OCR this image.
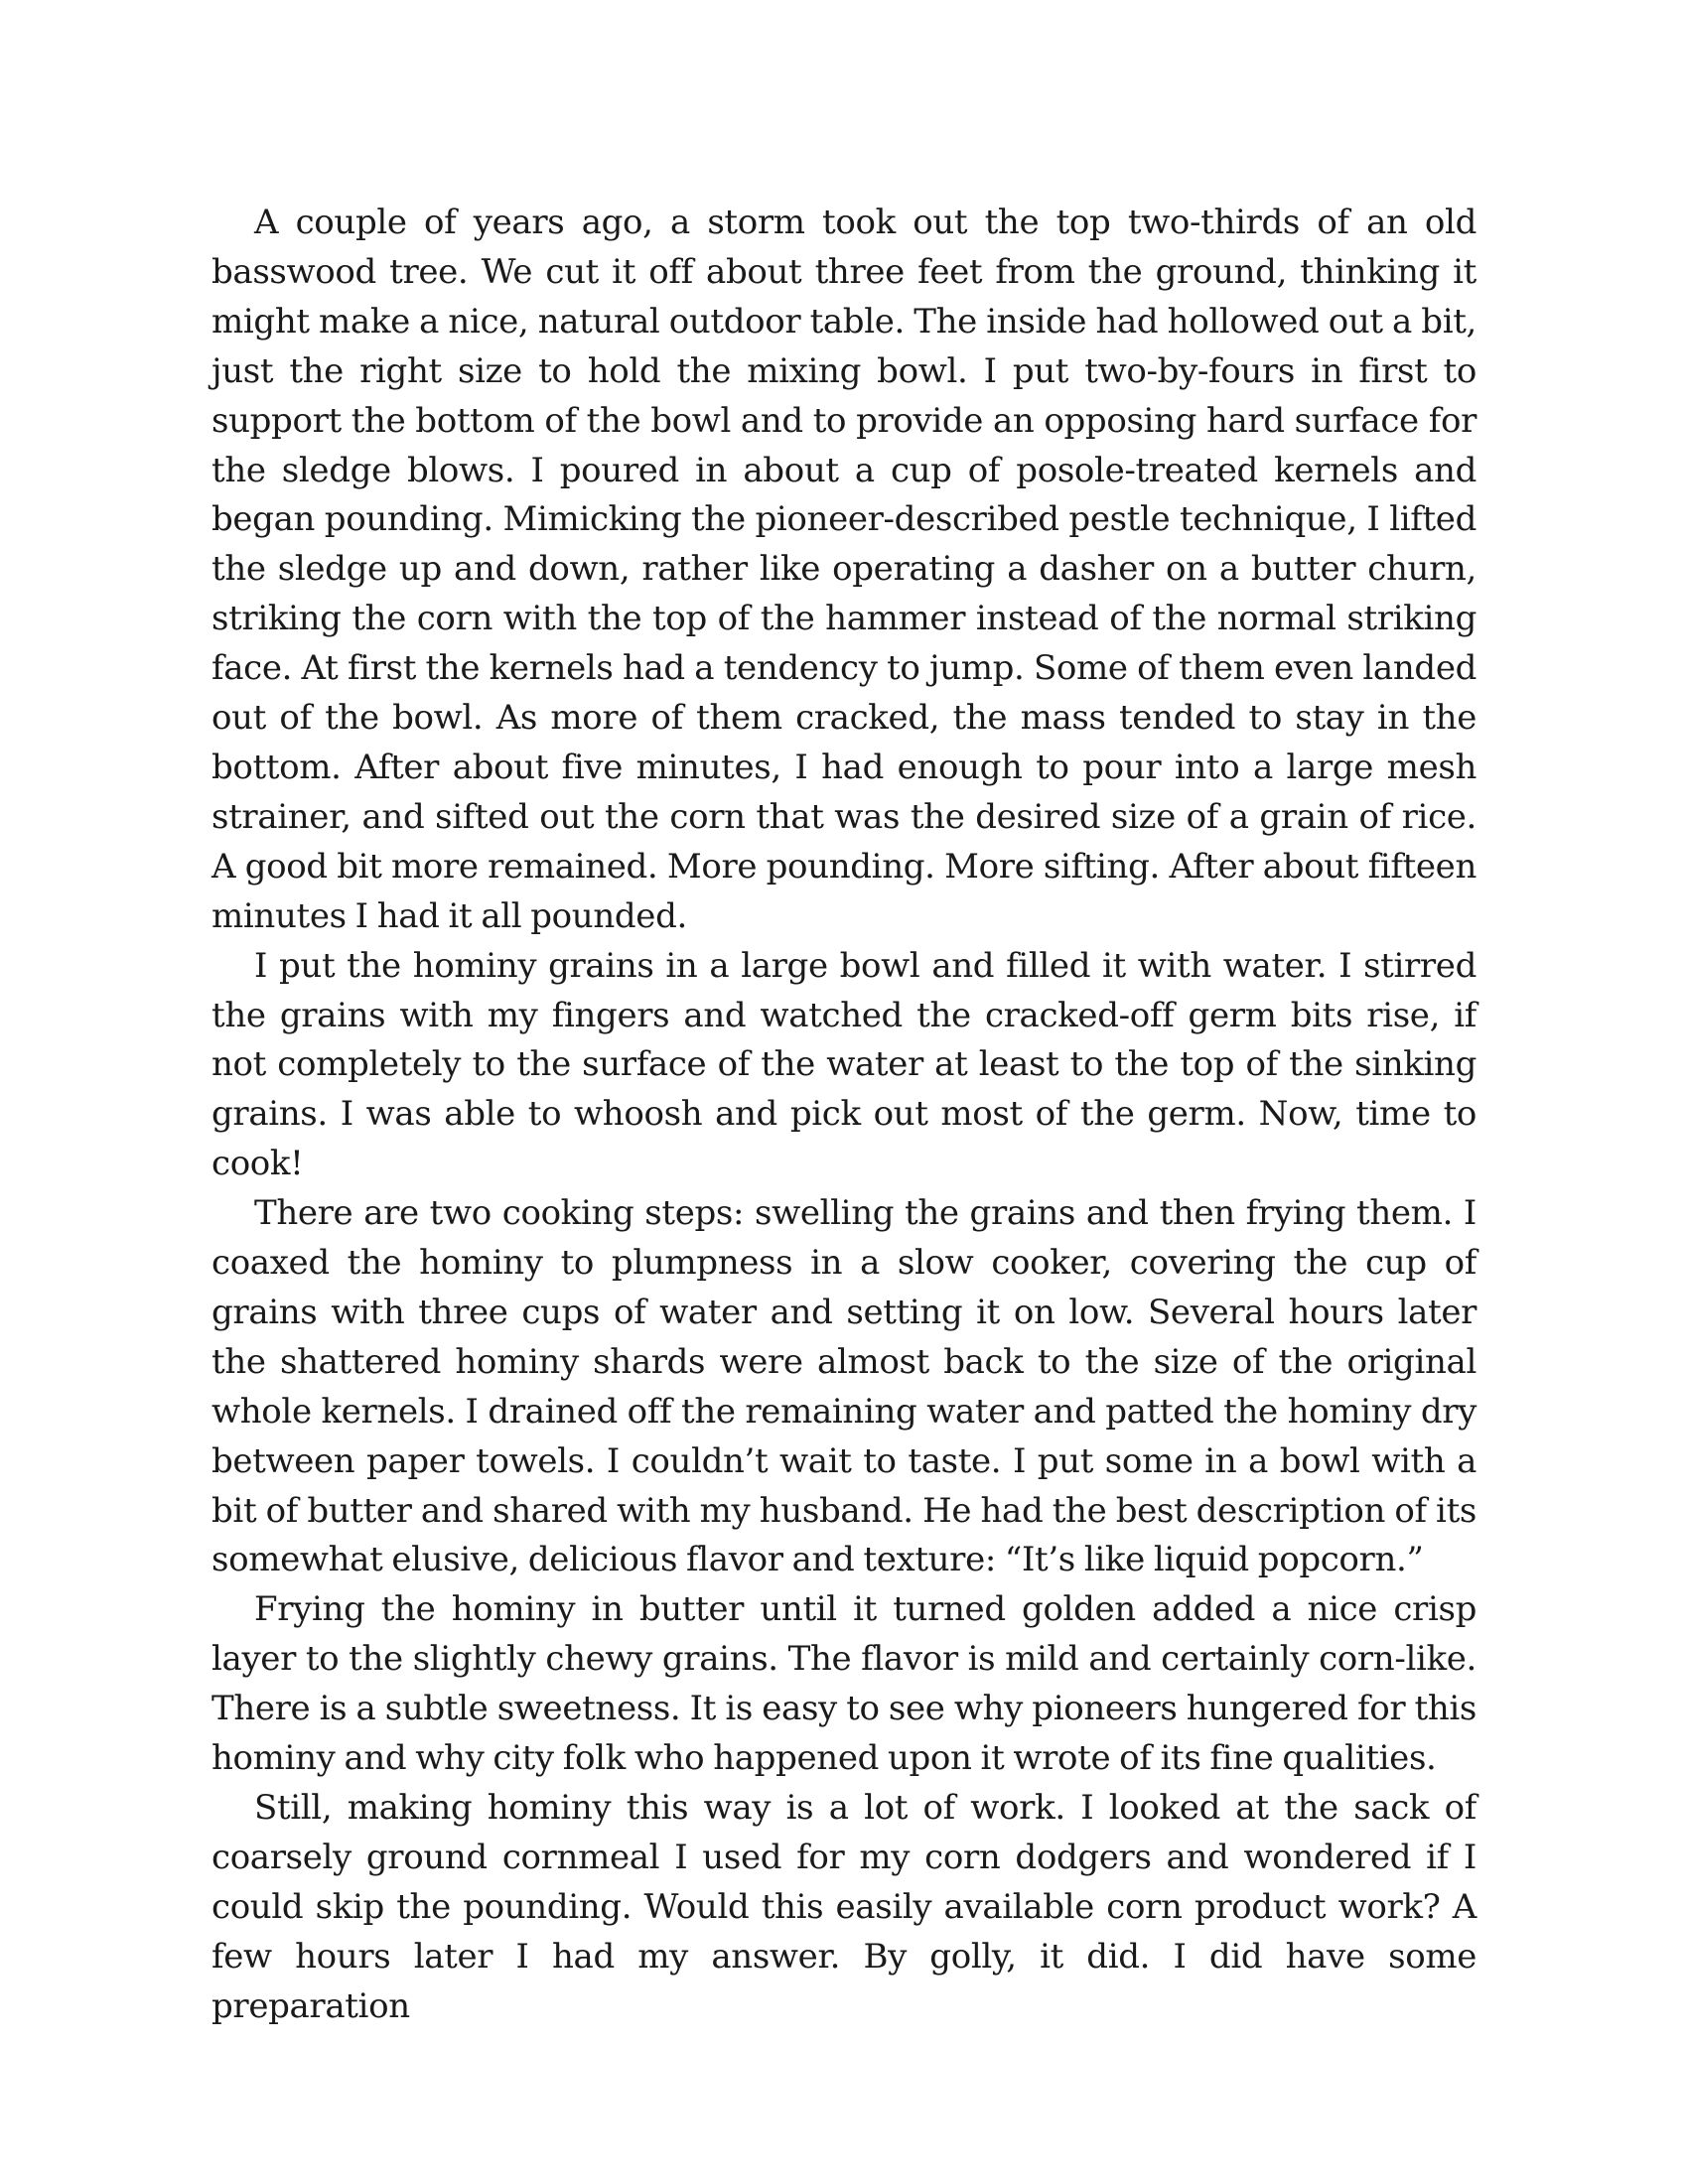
A couple of years ago, a storm took out the top two-thirds of an old basswood tree. We cut it off about three feet from the ground, thinking it might make a nice, natural outdoor table. The inside had hollowed out a bit, just the right size to hold the mixing bowl. I put two-by-fours in first to support the bottom of the bowl and to provide an opposing hard surface for the sledge blows. I poured in about a cup of posole-treated kernels and began pounding. Mimicking the pioneer-described pestle technique, I lifted the sledge up and down, rather like operating a dasher on a butter churn, striking the corn with the top of the hammer instead of the normal striking face. At first the kernels had a tendency to jump. Some of them even landed out of the bowl. As more of them cracked, the mass tended to stay in the bottom. After about five minutes, I had enough to pour into a large mesh strainer, and sifted out the corn that was the desired size of a grain of rice. A good bit more remained. More pounding. More sifting. After about fifteen minutes I had it all pounded.

I put the hominy grains in a large bowl and filled it with water. I stirred the grains with my fingers and watched the cracked-off germ bits rise, if not completely to the surface of the water at least to the top of the sinking grains. I was able to whoosh and pick out most of the germ. Now, time to cook!

There are two cooking steps: swelling the grains and then frying them. I coaxed the hominy to plumpness in a slow cooker, covering the cup of grains with three cups of water and setting it on low. Several hours later the shattered hominy shards were almost back to the size of the original whole kernels. I drained off the remaining water and patted the hominy dry between paper towels. I couldn’t wait to taste. I put some in a bowl with a bit of butter and shared with my husband. He had the best description of its somewhat elusive, delicious flavor and texture: “It’s like liquid popcorn.”

Frying the hominy in butter until it turned golden added a nice crisp layer to the slightly chewy grains. The flavor is mild and certainly corn-like. There is a subtle sweetness. It is easy to see why pioneers hungered for this hominy and why city folk who happened upon it wrote of its fine qualities.

Still, making hominy this way is a lot of work. I looked at the sack of coarsely ground cornmeal I used for my corn dodgers and wondered if I could skip the pounding. Would this easily available corn product work? A few hours later I had my answer. By golly, it did. I did have some preparation
